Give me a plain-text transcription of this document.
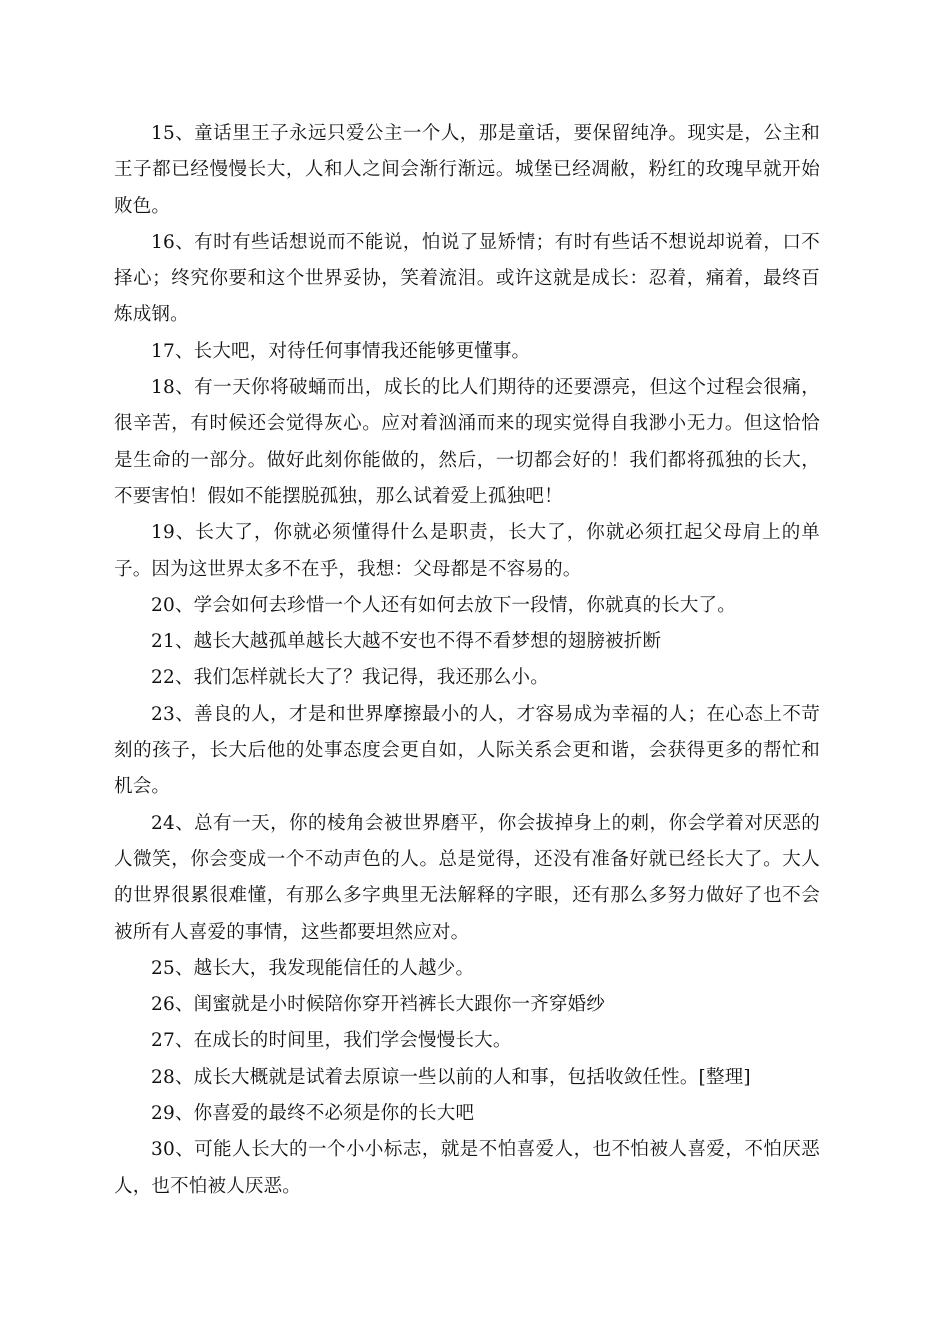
15、童话里王子永远只爱公主一个人，那是童话，要保留纯净。现实是，公主和王子都已经慢慢长大，人和人之间会渐行渐远。城堡已经凋敝，粉红的玫瑰早就开始败色。

16、有时有些话想说而不能说，怕说了显矫情；有时有些话不想说却说着，口不择心；终究你要和这个世界妥协，笑着流泪。或许这就是成长：忍着，痛着，最终百炼成钢。

17、长大吧，对待任何事情我还能够更懂事。

18、有一天你将破蛹而出，成长的比人们期待的还要漂亮，但这个过程会很痛，很辛苦，有时候还会觉得灰心。应对着汹涌而来的现实觉得自我渺小无力。但这恰恰是生命的一部分。做好此刻你能做的，然后，一切都会好的！我们都将孤独的长大，不要害怕！假如不能摆脱孤独，那么试着爱上孤独吧！

19、长大了，你就必须懂得什么是职责，长大了，你就必须扛起父母肩上的单子。因为这世界太多不在乎，我想：父母都是不容易的。

20、学会如何去珍惜一个人还有如何去放下一段情，你就真的长大了。

21、越长大越孤单越长大越不安也不得不看梦想的翅膀被折断

22、我们怎样就长大了？我记得，我还那么小。

23、善良的人，才是和世界摩擦最小的人，才容易成为幸福的人；在心态上不苛刻的孩子，长大后他的处事态度会更自如，人际关系会更和谐，会获得更多的帮忙和机会。

24、总有一天，你的棱角会被世界磨平，你会拔掉身上的刺，你会学着对厌恶的人微笑，你会变成一个不动声色的人。总是觉得，还没有准备好就已经长大了。大人的世界很累很难懂，有那么多字典里无法解释的字眼，还有那么多努力做好了也不会被所有人喜爱的事情，这些都要坦然应对。

25、越长大，我发现能信任的人越少。

26、闺蜜就是小时候陪你穿开裆裤长大跟你一齐穿婚纱

27、在成长的时间里，我们学会慢慢长大。

28、成长大概就是试着去原谅一些以前的人和事，包括收敛任性。[整理]

29、你喜爱的最终不必须是你的长大吧

30、可能人长大的一个小小标志，就是不怕喜爱人，也不怕被人喜爱，不怕厌恶人，也不怕被人厌恶。
